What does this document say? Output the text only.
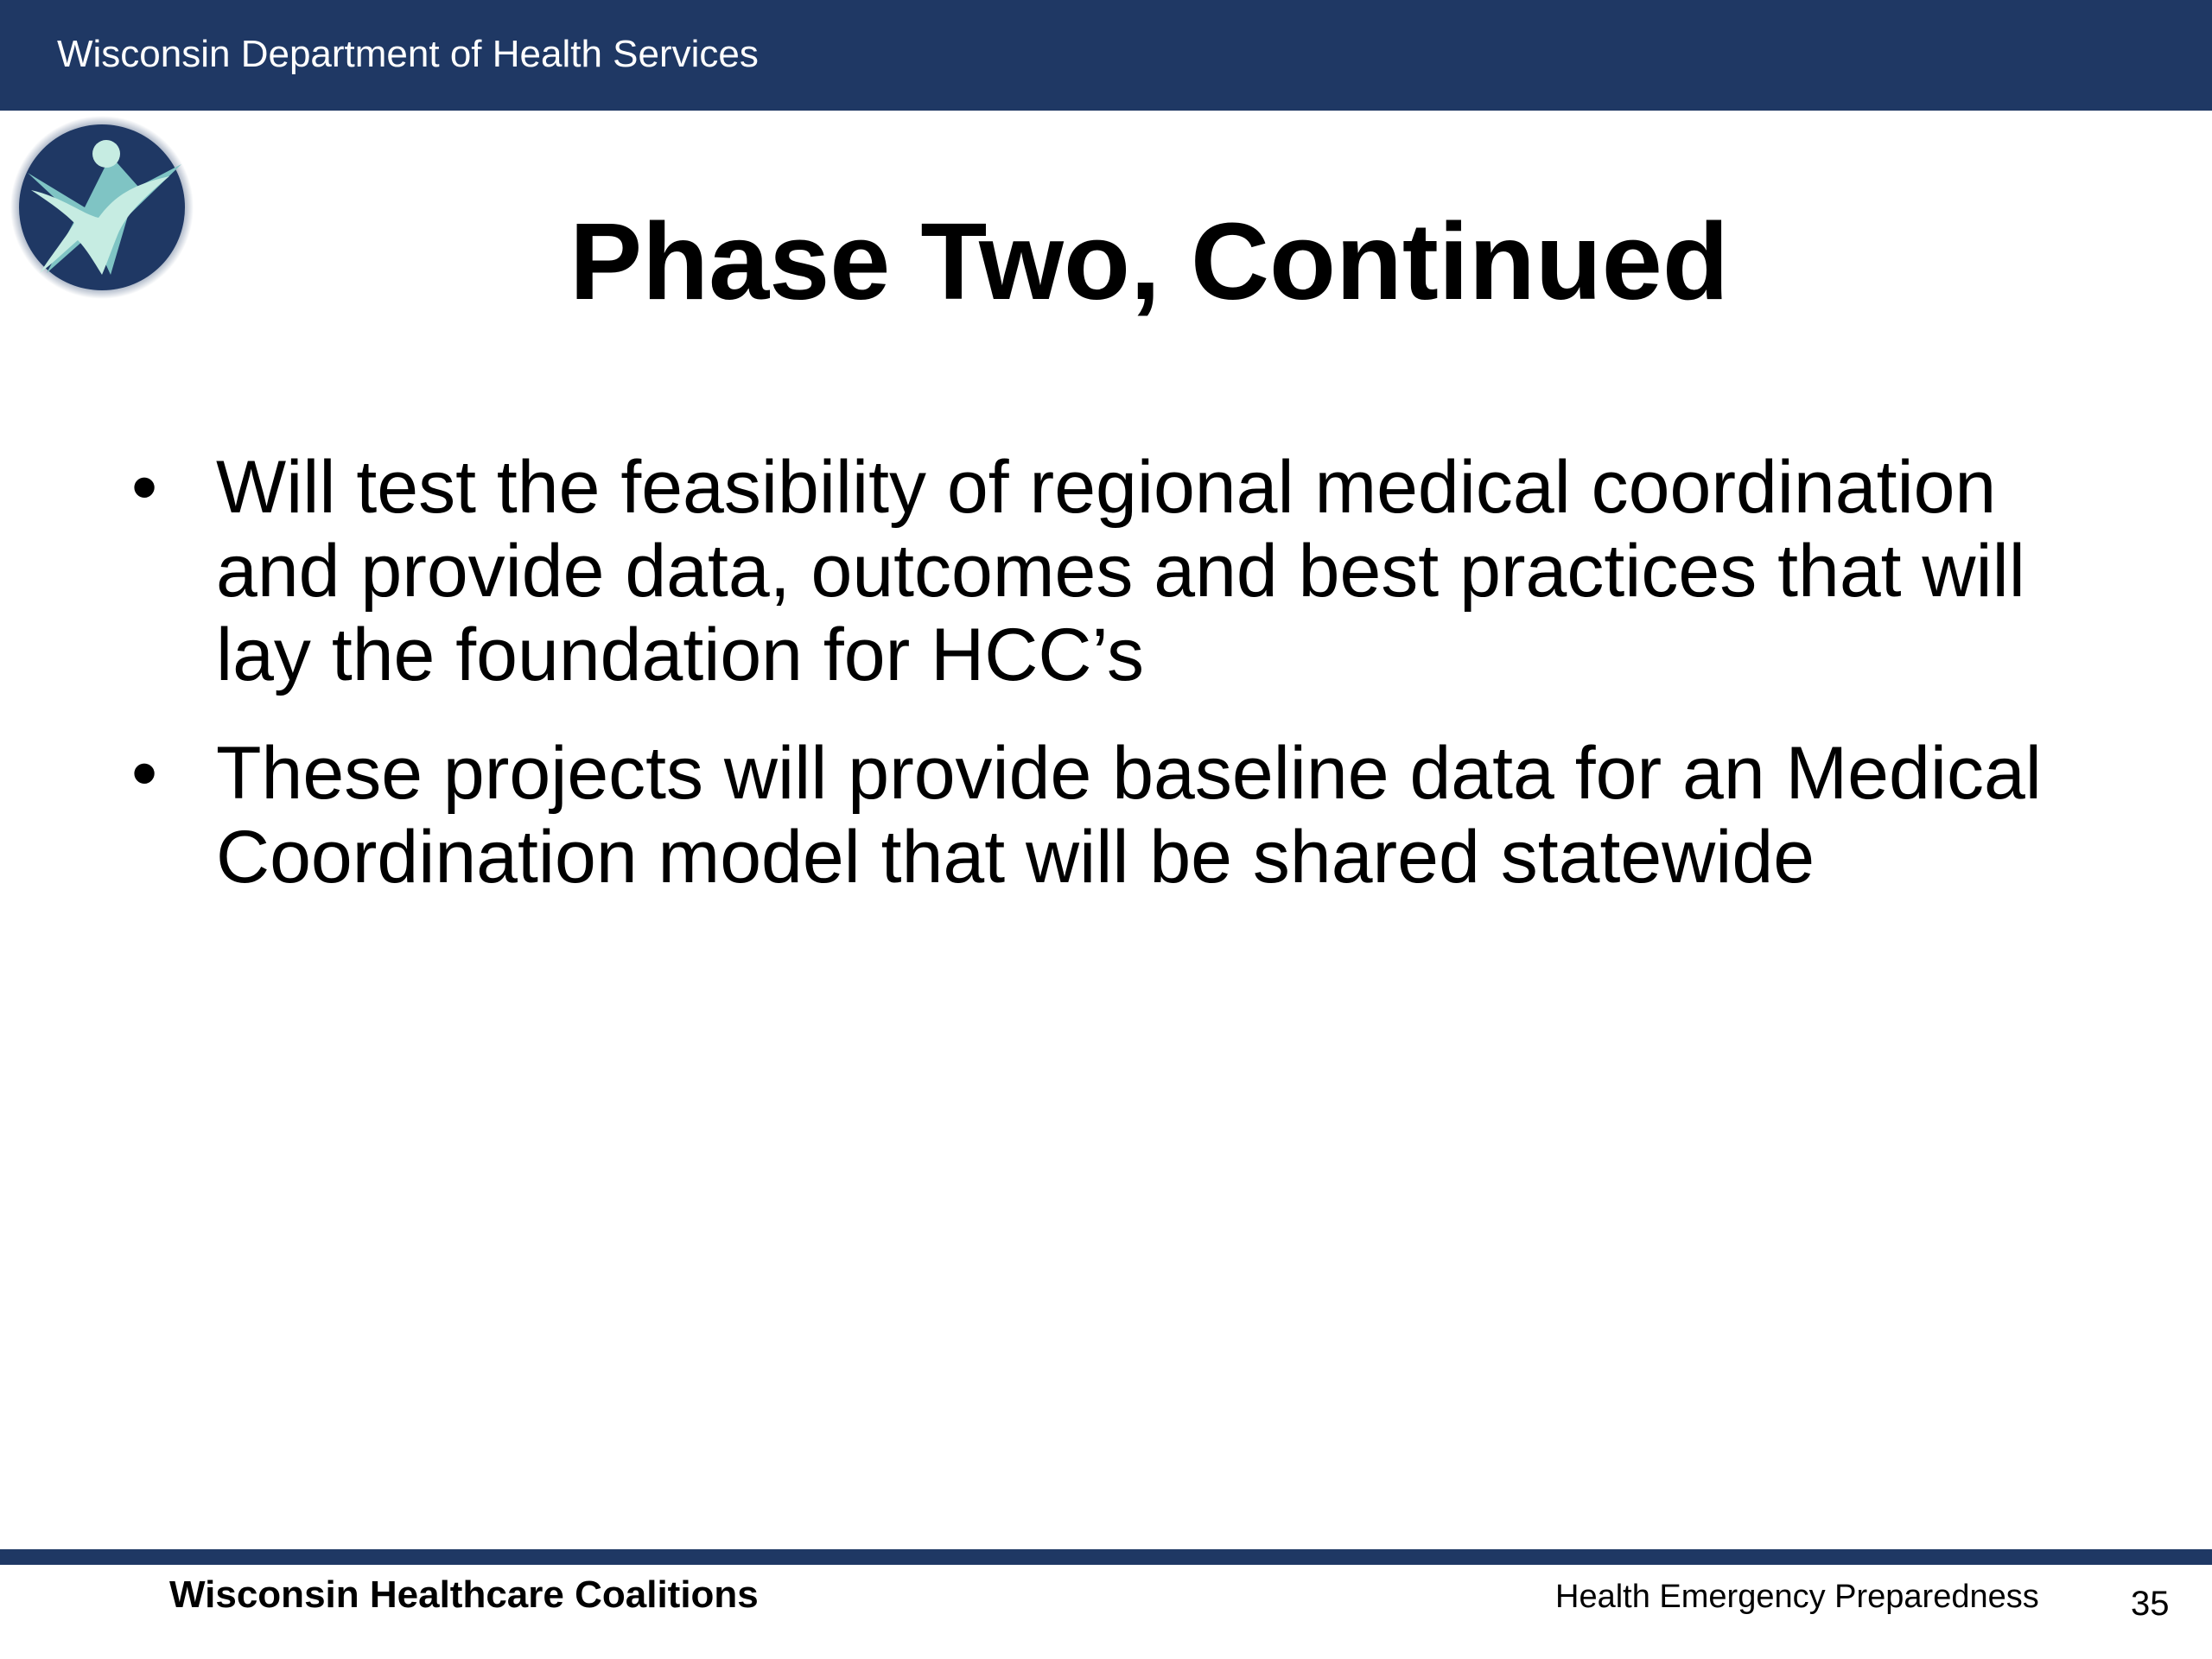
Wisconsin Department of Health Services
Phase Two, Continued
• Will test the feasibility of regional medical coordination and provide data, outcomes and best practices that will lay the foundation for HCC’s
• These projects will provide baseline data for an Medical Coordination model that will be shared statewide
Wisconsin Healthcare Coalitions	Health Emergency Preparedness	35
